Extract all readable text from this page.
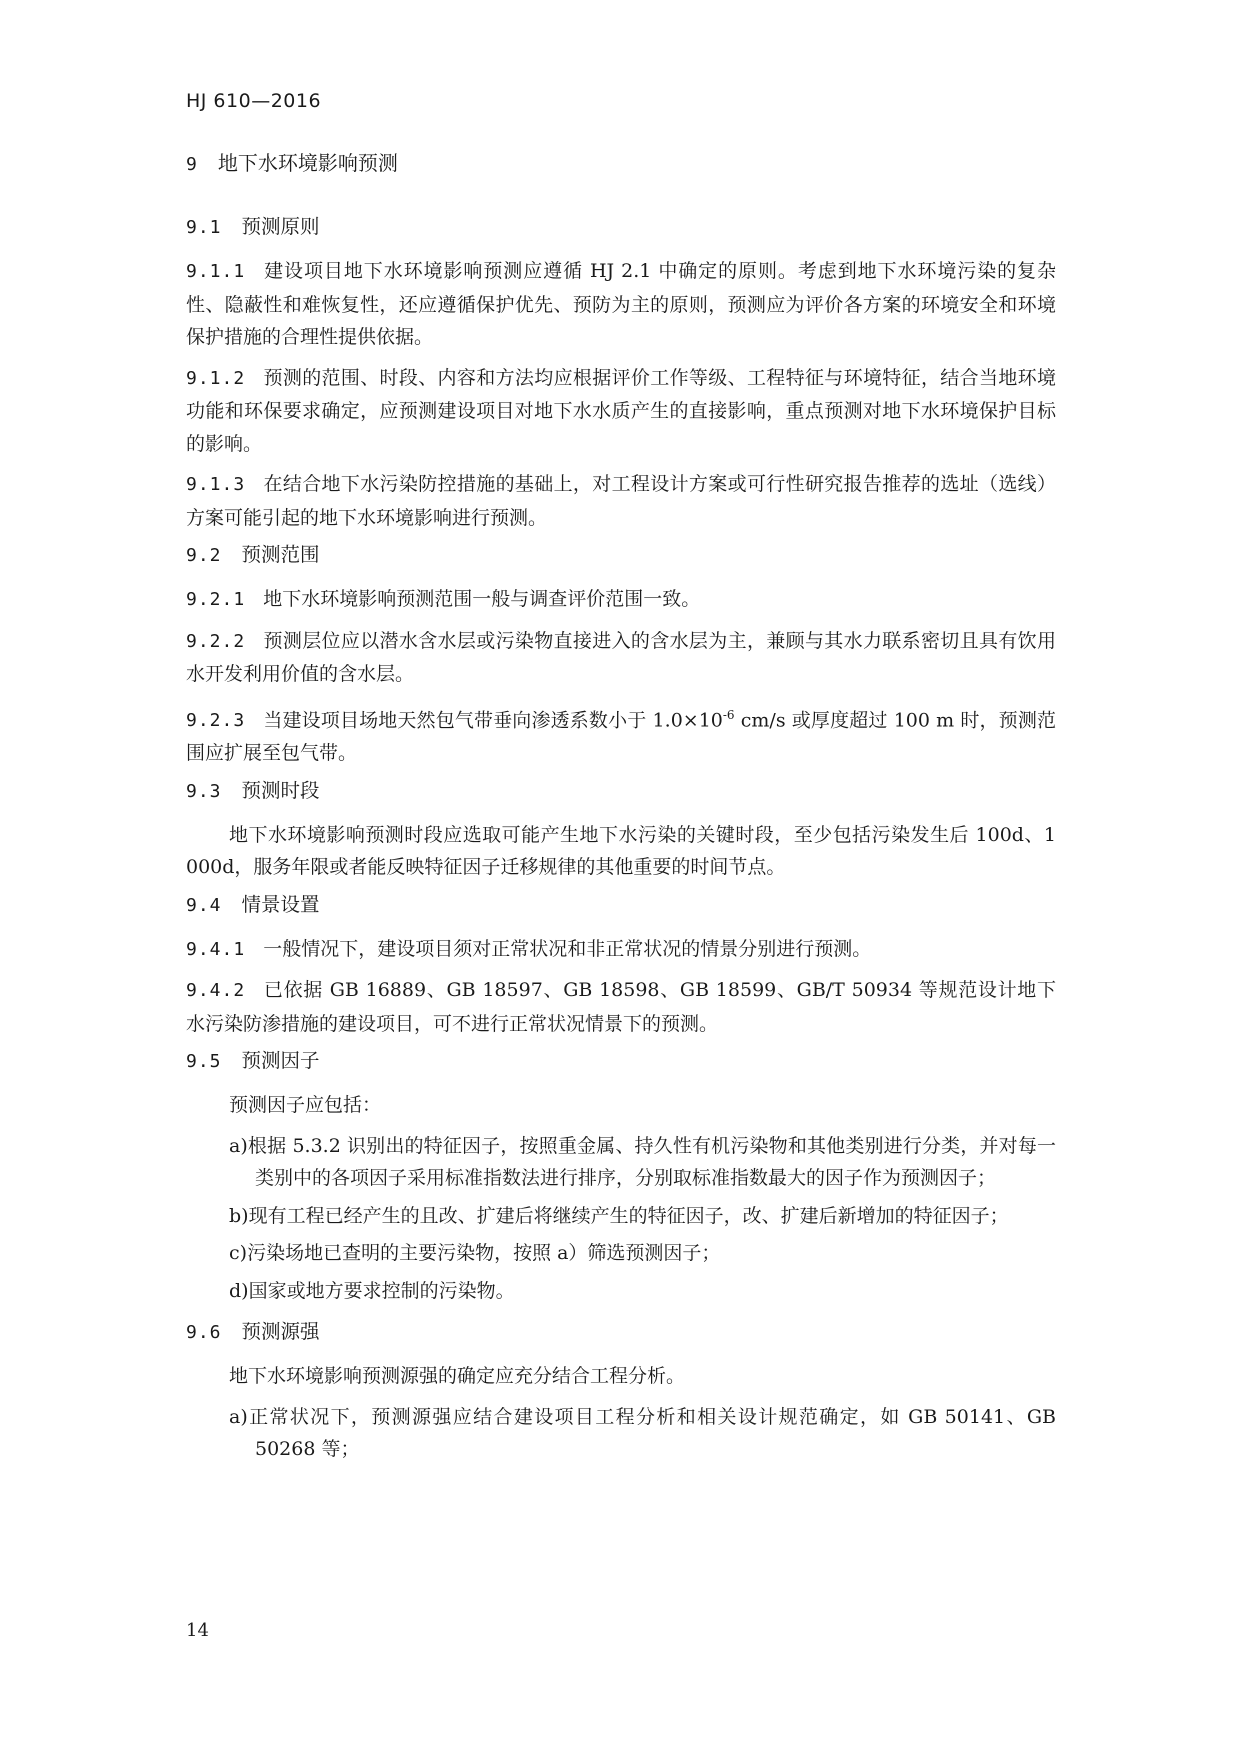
HJ 610—2016
9 地下水环境影响预测
9.1 预测原则

9.1.1 建设项目地下水环境影响预测应遵循 HJ 2.1 中确定的原则。考虑到地下水环境污染的复杂性、隐蔽性和难恢复性，还应遵循保护优先、预防为主的原则，预测应为评价各方案的环境安全和环境保护措施的合理性提供依据。

9.1.2 预测的范围、时段、内容和方法均应根据评价工作等级、工程特征与环境特征，结合当地环境功能和环保要求确定，应预测建设项目对地下水水质产生的直接影响，重点预测对地下水环境保护目标的影响。

9.1.3 在结合地下水污染防控措施的基础上，对工程设计方案或可行性研究报告推荐的选址（选线）方案可能引起的地下水环境影响进行预测。

9.2 预测范围

9.2.1 地下水环境影响预测范围一般与调查评价范围一致。

9.2.2 预测层位应以潜水含水层或污染物直接进入的含水层为主，兼顾与其水力联系密切且具有饮用水开发利用价值的含水层。

9.2.3 当建设项目场地天然包气带垂向渗透系数小于 $1.0\times 10^{-6}$ cm/s 或厚度超过 100 m 时，预测范围应扩展至包气带。

9.3 预测时段

地下水环境影响预测时段应选取可能产生地下水污染的关键时段，至少包括污染发生后 100d、1 000d，服务年限或者能反映特征因子迁移规律的其他重要的时间节点。

9.4 情景设置

9.4.1 一般情况下，建设项目须对正常状况和非正常状况的情景分别进行预测。

9.4.2 已依据 GB 16889、GB 18597、GB 18598、GB 18599、GB/T 50934 等规范设计地下水污染防渗措施的建设项目，可不进行正常状况情景下的预测。

9.5 预测因子

预测因子应包括：

a)根据 5.3.2 识别出的特征因子，按照重金属、持久性有机污染物和其他类别进行分类，并对每一类别中的各项因子采用标准指数法进行排序，分别取标准指数最大的因子作为预测因子；
b)现有工程已经产生的且改、扩建后将继续产生的特征因子，改、扩建后新增加的特征因子；
c)污染场地已查明的主要污染物，按照 a）筛选预测因子；
d)国家或地方要求控制的污染物。
9.6 预测源强

地下水环境影响预测源强的确定应充分结合工程分析。

a)正常状况下，预测源强应结合建设项目工程分析和相关设计规范确定，如 GB 50141、GB 50268 等；
14
